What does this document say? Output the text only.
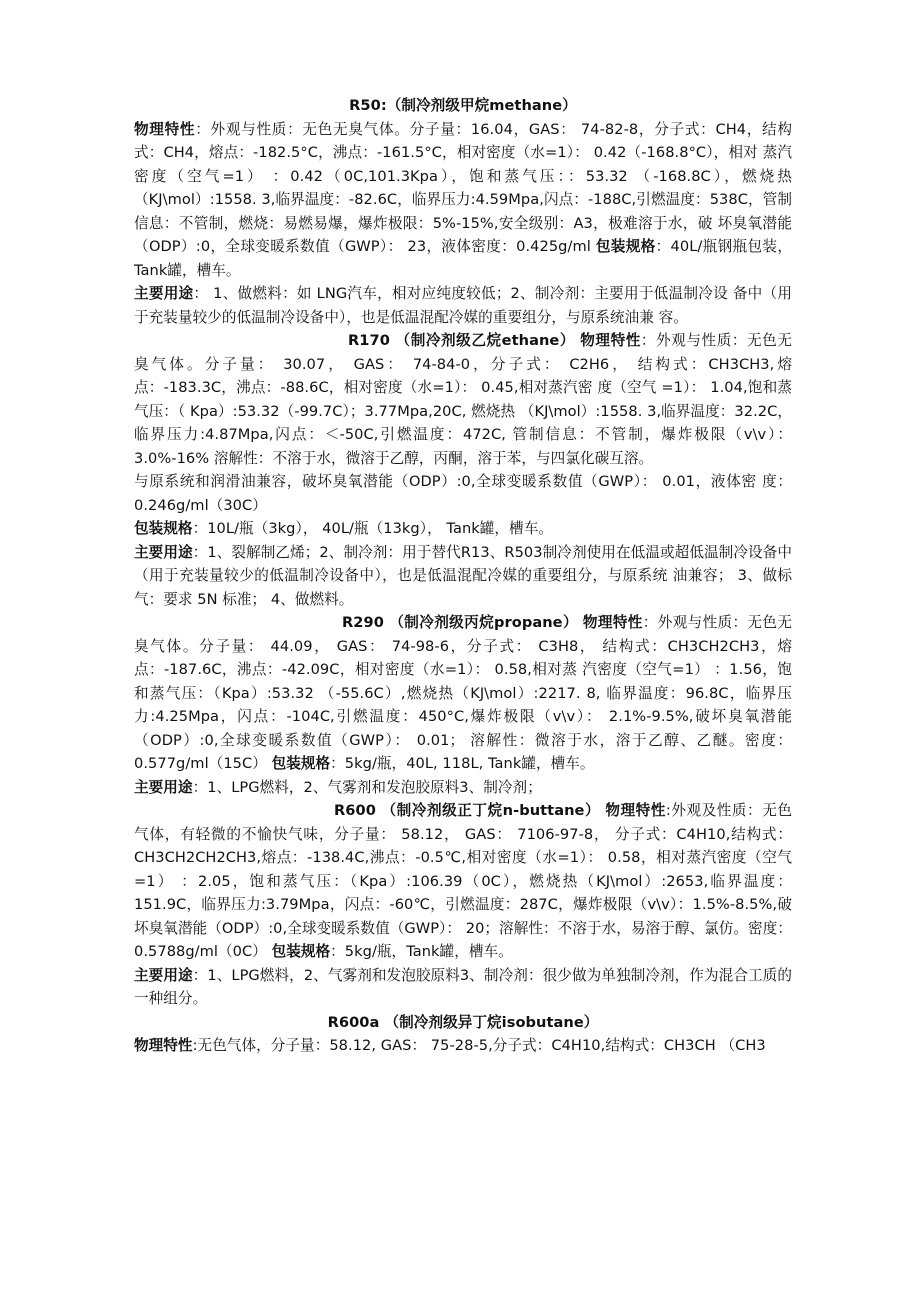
R50:（制冷剂级甲烷methane）

物理特性：外观与性质：无色无臭气体。分子量：16.04，GAS： 74-82-8，分子式：CH4，结构式：CH4，熔点：-182.5°C，沸点：-161.5°C，相对密度（水=1）： 0.42（-168.8°C），相对 蒸汽密度（空气=1） ：0.42（0C,101.3Kpa），饱和蒸气压：：53.32 （-168.8C），燃烧热 （KJ\mol）:1558. 3,临界温度：-82.6C，临界压力:4.59Mpa,闪点：-188C,引燃温度：538C，管制信息：不管制，燃烧：易燃易爆，爆炸极限：5%-15%,安全级别：A3，极难溶于水，破 坏臭氧潜能（ODP）:0，全球变暖系数值（GWP）： 23，液体密度：0.425g/ml 包装规格：40L/瓶钢瓶包装，Tank罐，槽车。

主要用途： 1、做燃料：如 LNG汽车，相对应纯度较低；2、制冷剂：主要用于低温制冷设 备中（用于充装量较少的低温制冷设备中），也是低温混配冷媒的重要组分，与原系统油兼 容。

R170 （制冷剂级乙烷ethane） 物理特性：外观与性质：无色无臭气体。分子量： 30.07， GAS： 74-84-0，分子式： C2H6， 结构式：CH3CH3,熔点：-183.3C，沸点：-88.6C，相对密度（水=1）： 0.45,相对蒸汽密 度（空气 =1）： 1.04,饱和蒸气压：（ Kpa）:53.32（-99.7C）；3.77Mpa,20C, 燃烧热 （KJ\mol）:1558. 3,临界温度：32.2C，临界压力:4.87Mpa,闪点：＜-50C,引燃温度：472C, 管制信息：不管制，爆炸极限（v\v）：3.0%-16% 溶解性：不溶于水，微溶于乙醇，丙酮，溶于苯，与四氯化碳互溶。

与原系统和润滑油兼容，破坏臭氧潜能（ODP）:0,全球变暖系数值（GWP）： 0.01，液体密 度： 0.246g/ml（30C）

包装规格：10L/瓶（3kg）， 40L/瓶（13kg）， Tank罐，槽车。

主要用途：1、裂解制乙烯；2、制冷剂：用于替代R13、R503制冷剂使用在低温或超低温制冷设备中（用于充装量较少的低温制冷设备中），也是低温混配冷媒的重要组分，与原系统 油兼容； 3、做标气：要求 5N 标准； 4、做燃料。

R290 （制冷剂级丙烷propane） 物理特性：外观与性质：无色无臭气体。分子量： 44.09， GAS： 74-98-6，分子式： C3H8， 结构式：CH3CH2CH3，熔点：-187.6C，沸点：-42.09C，相对密度（水=1）： 0.58,相对蒸 汽密度（空气=1） ：1.56，饱和蒸气压：（Kpa）:53.32 （-55.6C）,燃烧热（KJ\mol）:2217. 8, 临界温度：96.8C，临界压力:4.25Mpa，闪点：-104C,引燃温度：450°C,爆炸极限（v\v）： 2.1%-9.5%,破坏臭氧潜能（ODP）:0,全球变暖系数值（GWP）： 0.01； 溶解性：微溶于水，溶于乙醇、乙醚。密度： 0.577g/ml（15C） 包装规格：5kg/瓶，40L, 118L, Tank罐，槽车。

主要用途：1、LPG燃料，2、气雾剂和发泡胶原料3、制冷剂；

R600 （制冷剂级正丁烷n-buttane） 物理特性:外观及性质：无色气体，有轻微的不愉快气味，分子量： 58.12， GAS： 7106-97-8， 分子式：C4H10,结构式：CH3CH2CH2CH3,熔点：-138.4C,沸点：-0.5℃,相对密度（水=1）： 0.58，相对蒸汽密度（空气=1） ：2.05，饱和蒸气压：（Kpa）:106.39（0C），燃烧热（KJ\mol）:2653,临界温度：151.9C，临界压力:3.79Mpa，闪点：-60℃，引燃温度：287C，爆炸极限（v\v）：1.5%-8.5%,破坏臭氧潜能（ODP）:0,全球变暖系数值（GWP）： 20；溶解性：不溶于水，易溶于醇、氯仿。密度： 0.5788g/ml（0C） 包装规格：5kg/瓶，Tank罐，槽车。

主要用途：1、LPG燃料，2、气雾剂和发泡胶原料3、制冷剂：很少做为单独制冷剂，作为混合工质的一种组分。

R600a （制冷剂级异丁烷isobutane）

物理特性:无色气体，分子量：58.12, GAS： 75-28-5,分子式：C4H10,结构式：CH3CH （CH3
